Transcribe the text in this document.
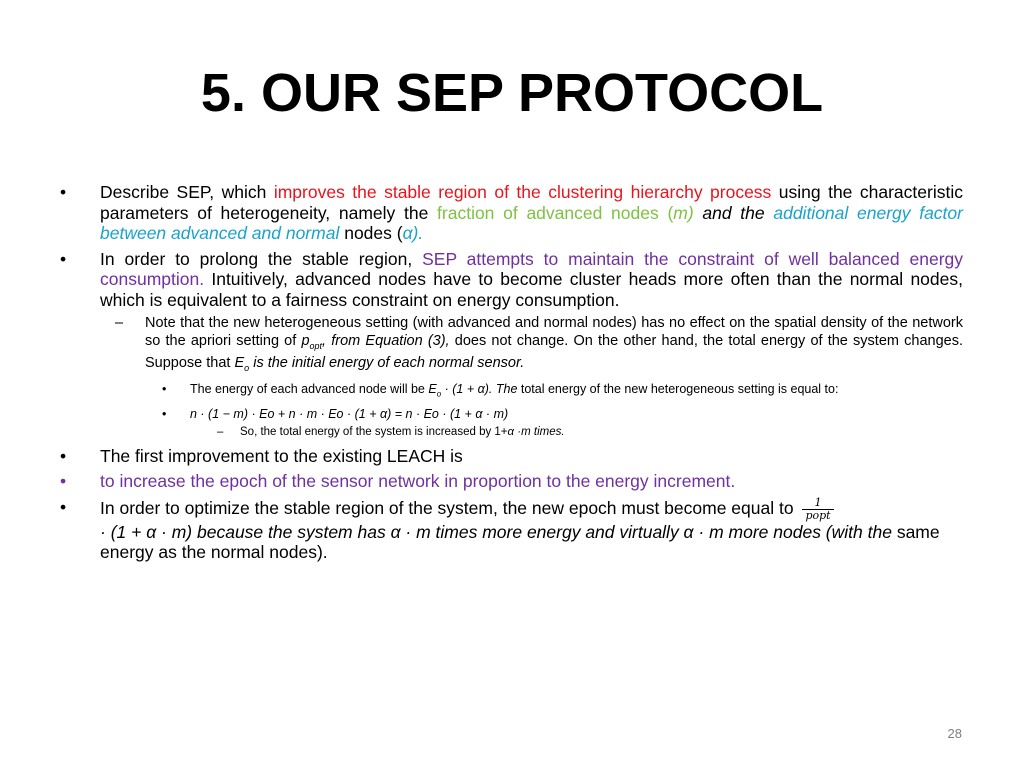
5. OUR SEP PROTOCOL
• Describe SEP, which improves the stable region of the clustering hierarchy process using the characteristic parameters of heterogeneity, namely the fraction of advanced nodes (m) and the additional energy factor between advanced and normal nodes (α).
• In order to prolong the stable region, SEP attempts to maintain the constraint of well balanced energy consumption. Intuitively, advanced nodes have to become cluster heads more often than the normal nodes, which is equivalent to a fairness constraint on energy consumption.
– Note that the new heterogeneous setting (with advanced and normal nodes) has no effect on the spatial density of the network so the apriori setting of $p_{opt}$, from Equation (3), does not change. On the other hand, the total energy of the system changes. Suppose that $E_o$ is the initial energy of each normal sensor.
• The energy of each advanced node will be $E_o \cdot (1 + \alpha)$. The total energy of the new heterogeneous setting is equal to:
• n · (1 − m) · Eo + n · m · Eo · (1 + α) = n · Eo · (1 + α · m)
– So, the total energy of the system is increased by 1+α ·m times.
• The first improvement to the existing LEACH is
• to increase the epoch of the sensor network in proportion to the energy increment.
• In order to optimize the stable region of the system, the new epoch must become equal to $\frac{1}{\text{popt}}$

· (1 + α · m) because the system has α · m times more energy and virtually α · m more nodes (with the same energy as the normal nodes).
28
